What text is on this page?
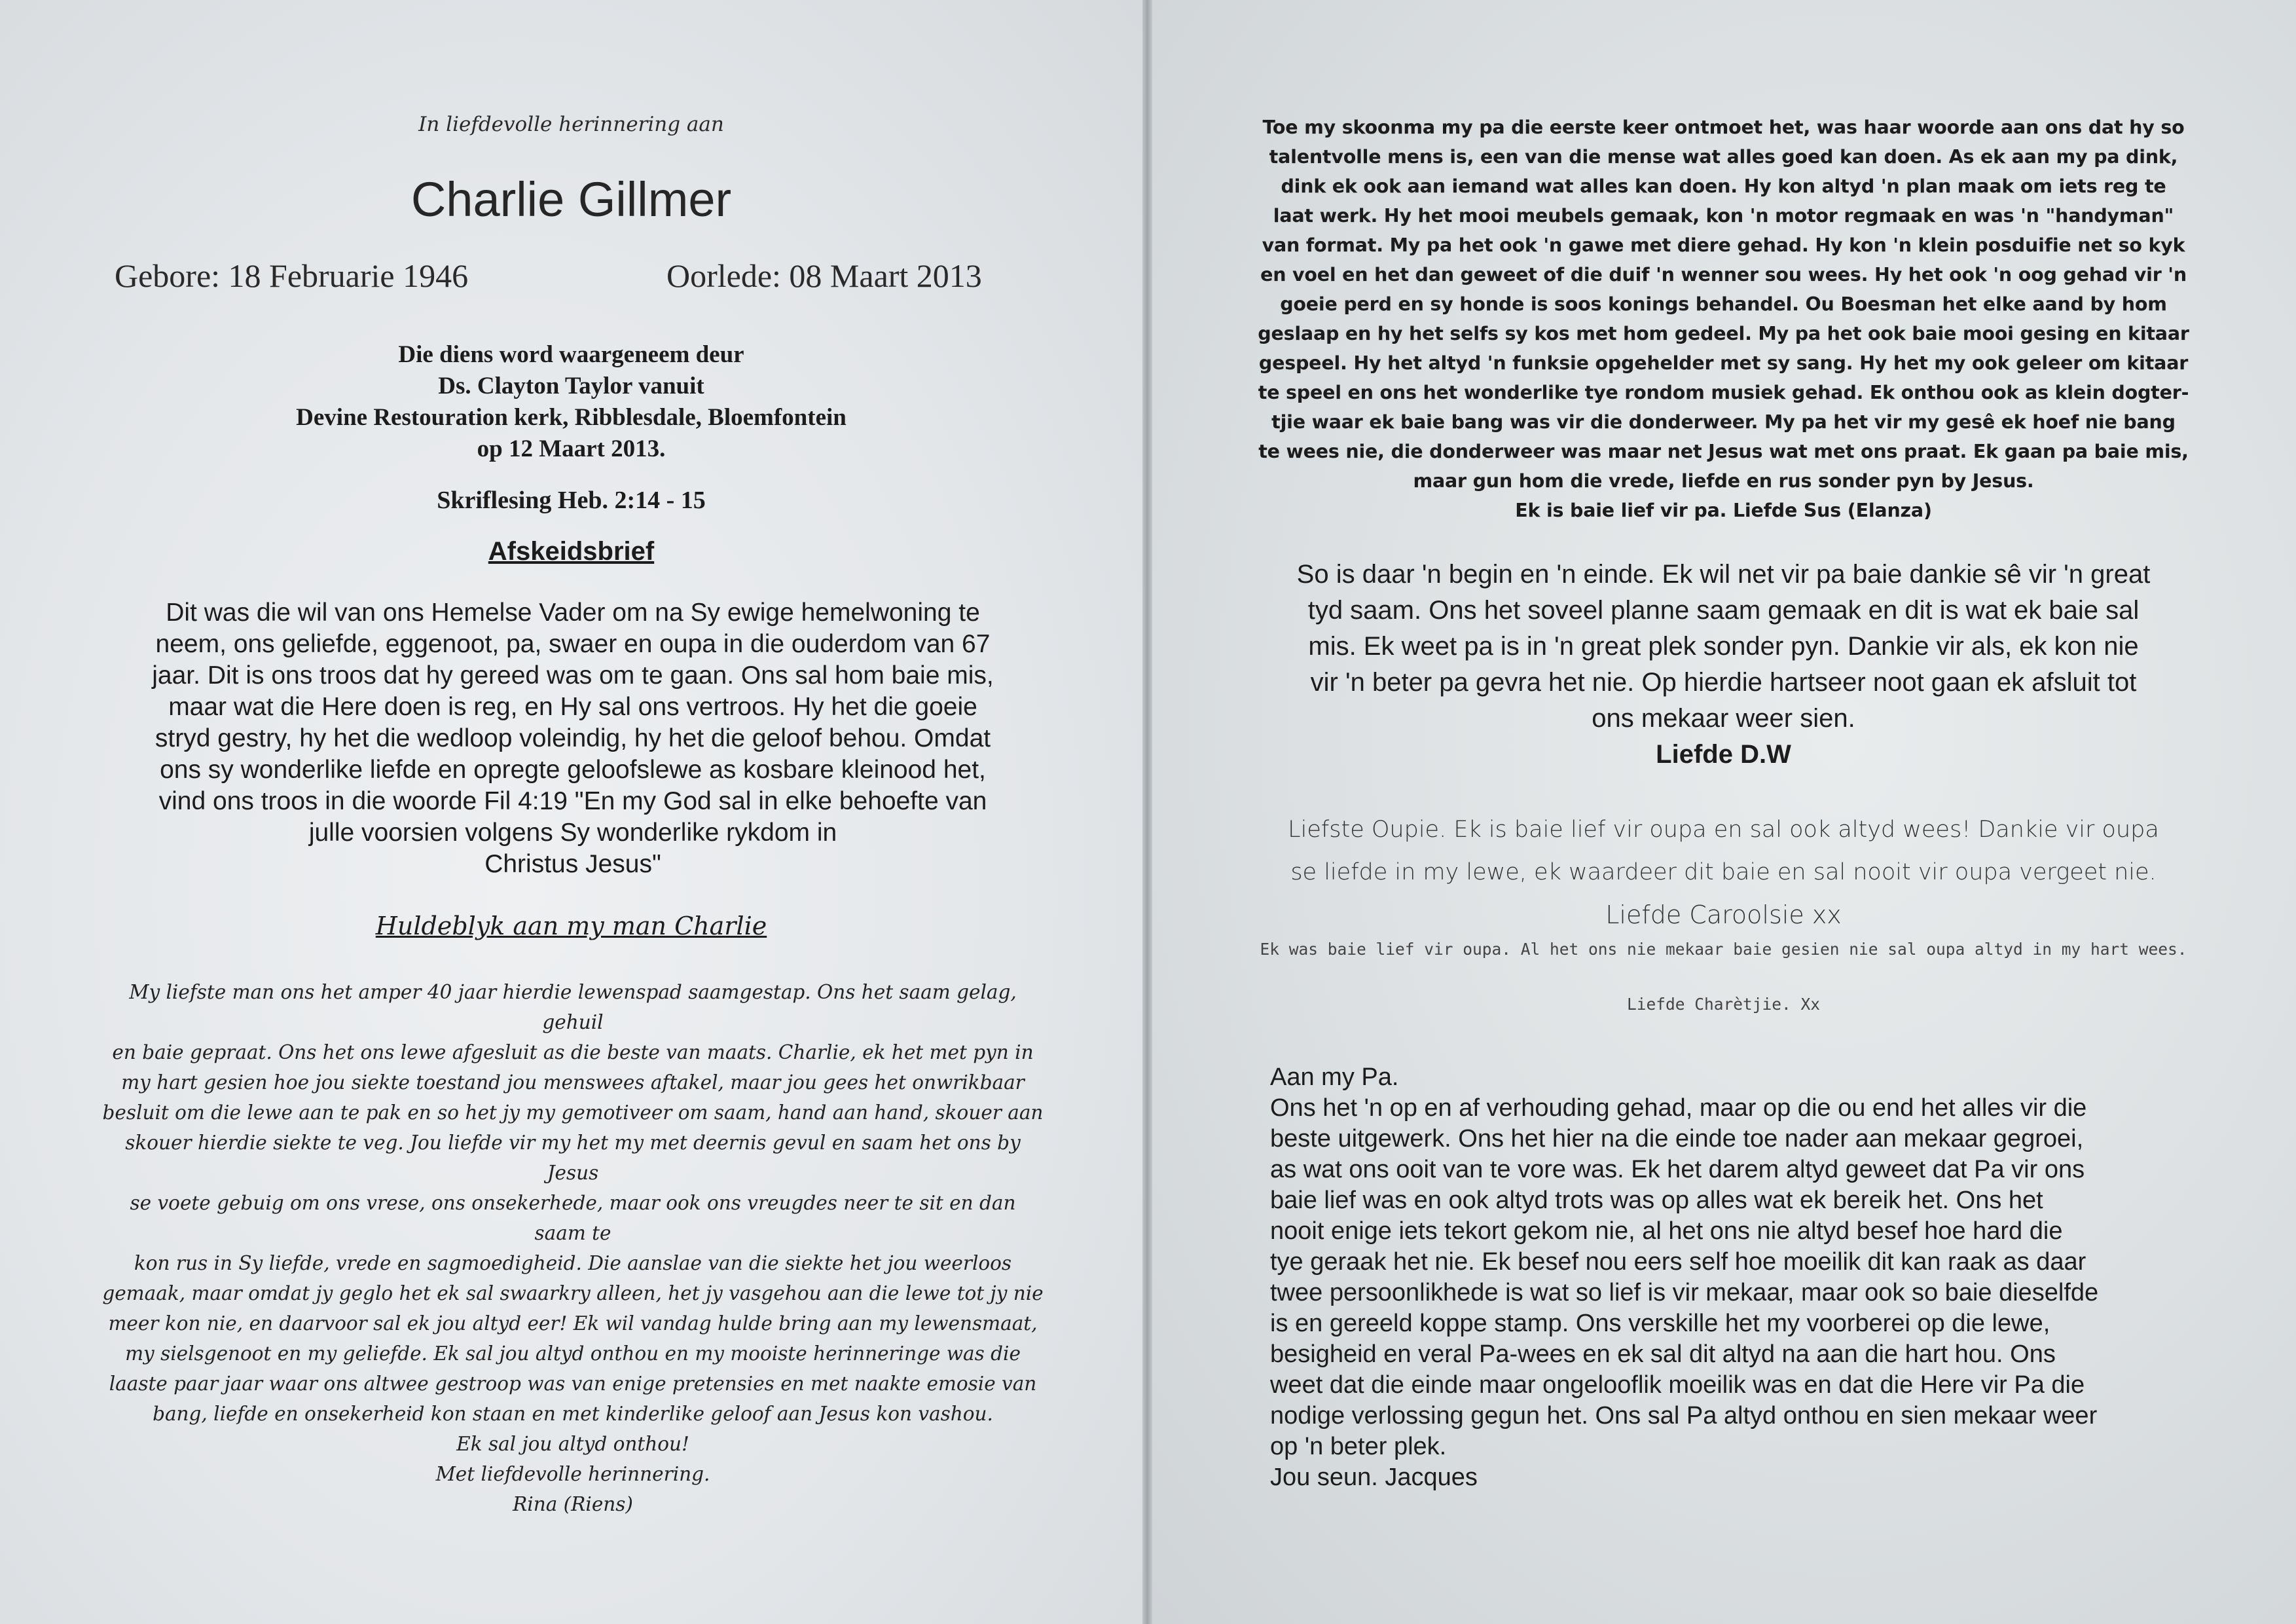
In liefdevolle herinnering aan

Charlie Gillmer

Gebore: 18 Februarie 1946	Oorlede: 08 Maart 2013

Die diens word waargeneem deur
Ds. Clayton Taylor vanuit
Devine Restouration kerk, Ribblesdale, Bloemfontein
op 12 Maart 2013.

Skriflesing Heb. 2:14 - 15

Afskeidsbrief

Dit was die wil van ons Hemelse Vader om na Sy ewige hemelwoning te
neem, ons geliefde, eggenoot, pa, swaer en oupa in die ouderdom van 67
jaar. Dit is ons troos dat hy gereed was om te gaan. Ons sal hom baie mis,
maar wat die Here doen is reg, en Hy sal ons vertroos. Hy het die goeie
stryd gestry, hy het die wedloop voleindig, hy het die geloof behou. Omdat
ons sy wonderlike liefde en opregte geloofslewe as kosbare kleinood het,
vind ons troos in die woorde Fil 4:19 "En my God sal in elke behoefte van
julle voorsien volgens Sy wonderlike rykdom in
Christus Jesus"

Huldeblyk aan my man Charlie

My liefste man ons het amper 40 jaar hierdie lewenspad saamgestap. Ons het saam gelag, gehuil
en baie gepraat. Ons het ons lewe afgesluit as die beste van maats. Charlie, ek het met pyn in
my hart gesien hoe jou siekte toestand jou menswees aftakel, maar jou gees het onwrikbaar
besluit om die lewe aan te pak en so het jy my gemotiveer om saam, hand aan hand, skouer aan
skouer hierdie siekte te veg. Jou liefde vir my het my met deernis gevul en saam het ons by Jesus
se voete gebuig om ons vrese, ons onsekerhede, maar ook ons vreugdes neer te sit en dan saam te
kon rus in Sy liefde, vrede en sagmoedigheid. Die aanslae van die siekte het jou weerloos
gemaak, maar omdat jy geglo het ek sal swaarkry alleen, het jy vasgehou aan die lewe tot jy nie
meer kon nie, en daarvoor sal ek jou altyd eer! Ek wil vandag hulde bring aan my lewensmaat,
my sielsgenoot en my geliefde. Ek sal jou altyd onthou en my mooiste herinneringe was die
laaste paar jaar waar ons altwee gestroop was van enige pretensies en met naakte emosie van
bang, liefde en onsekerheid kon staan en met kinderlike geloof aan Jesus kon vashou.
Ek sal jou altyd onthou!
Met liefdevolle herinnering.
Rina (Riens)
Toe my skoonma my pa die eerste keer ontmoet het, was haar woorde aan ons dat hy so
talentvolle mens is, een van die mense wat alles goed kan doen. As ek aan my pa dink,
dink ek ook aan iemand wat alles kan doen. Hy kon altyd 'n plan maak om iets reg te
laat werk. Hy het mooi meubels gemaak, kon 'n motor regmaak en was 'n "handyman"
van format. My pa het ook 'n gawe met diere gehad. Hy kon 'n klein posduifie net so kyk
en voel en het dan geweet of die duif 'n wenner sou wees. Hy het ook 'n oog gehad vir 'n
goeie perd en sy honde is soos konings behandel. Ou Boesman het elke aand by hom
geslaap en hy het selfs sy kos met hom gedeel. My pa het ook baie mooi gesing en kitaar
gespeel. Hy het altyd 'n funksie opgehelder met sy sang. Hy het my ook geleer om kitaar
te speel en ons het wonderlike tye rondom musiek gehad. Ek onthou ook as klein dogter-
tjie waar ek baie bang was vir die donderweer. My pa het vir my gesê ek hoef nie bang
te wees nie, die donderweer was maar net Jesus wat met ons praat. Ek gaan pa baie mis,
maar gun hom die vrede, liefde en rus sonder pyn by Jesus.
Ek is baie lief vir pa. Liefde Sus (Elanza)
So is daar 'n begin en 'n einde. Ek wil net vir pa baie dankie sê vir 'n great
tyd saam. Ons het soveel planne saam gemaak en dit is wat ek baie sal
mis. Ek weet pa is in 'n great plek sonder pyn. Dankie vir als, ek kon nie
vir 'n beter pa gevra het nie. Op hierdie hartseer noot gaan ek afsluit tot
ons mekaar weer sien.
Liefde D.W
Liefste Oupie. Ek is baie lief vir oupa en sal ook altyd wees! Dankie vir oupa
se liefde in my lewe, ek waardeer dit baie en sal nooit vir oupa vergeet nie.
Liefde Caroolsie xx
Ek was baie lief vir oupa. Al het ons nie mekaar baie gesien nie sal oupa altyd in my hart wees.
Liefde Charètjie. Xx

Aan my Pa.

Ons het 'n op en af verhouding gehad, maar op die ou end het alles vir die

beste uitgewerk. Ons het hier na die einde toe nader aan mekaar gegroei,

as wat ons ooit van te vore was. Ek het darem altyd geweet dat Pa vir ons

baie lief was en ook altyd trots was op alles wat ek bereik het. Ons het

nooit enige iets tekort gekom nie, al het ons nie altyd besef hoe hard die

tye geraak het nie. Ek besef nou eers self hoe moeilik dit kan raak as daar

twee persoonlikhede is wat so lief is vir mekaar, maar ook so baie dieselfde

is en gereeld koppe stamp. Ons verskille het my voorberei op die lewe,

besigheid en veral Pa-wees en ek sal dit altyd na aan die hart hou. Ons

weet dat die einde maar ongelooflik moeilik was en dat die Here vir Pa die

nodige verlossing gegun het. Ons sal Pa altyd onthou en sien mekaar weer

op 'n beter plek.

Jou seun. Jacques
